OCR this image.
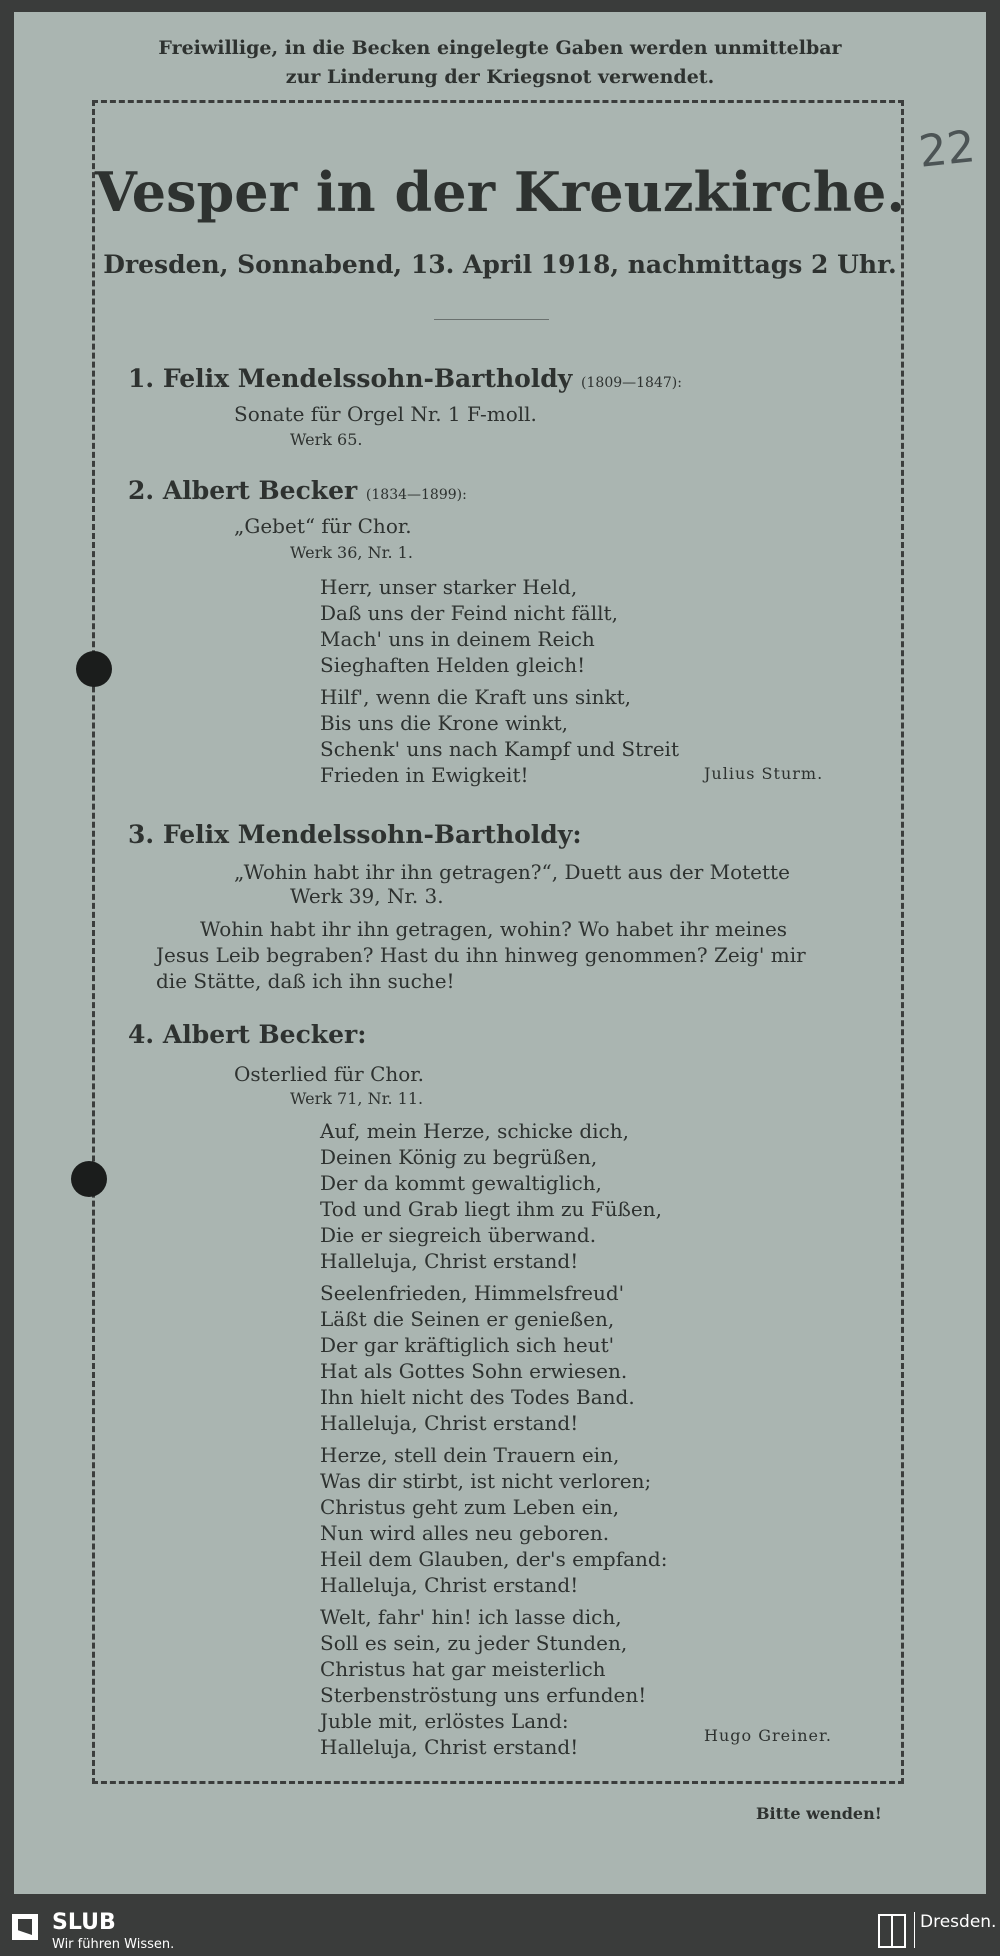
Freiwillige, in die Becken eingelegte Gaben werden unmittelbar
zur Linderung der Kriegsnot verwendet.
22
Vesper in der Kreuzkirche.
Dresden, Sonnabend, 13. April 1918, nachmittags 2 Uhr.
1. Felix Mendelssohn-Bartholdy (1809—1847):
Sonate für Orgel Nr. 1 F-moll.
Werk 65.
2. Albert Becker (1834—1899):
„Gebet“ für Chor.
Werk 36, Nr. 1.
Herr, unser starker Held,
Daß uns der Feind nicht fällt,
Mach' uns in deinem Reich
Sieghaften Helden gleich!
Hilf', wenn die Kraft uns sinkt,
Bis uns die Krone winkt,
Schenk' uns nach Kampf und Streit
Frieden in Ewigkeit!	Julius Sturm.
3. Felix Mendelssohn-Bartholdy:
„Wohin habt ihr ihn getragen?“, Duett aus der Motette
Werk 39, Nr. 3.
Wohin habt ihr ihn getragen, wohin? Wo habet ihr meines
Jesus Leib begraben? Hast du ihn hinweg genommen? Zeig' mir
die Stätte, daß ich ihn suche!
4. Albert Becker:
Osterlied für Chor.
Werk 71, Nr. 11.
Auf, mein Herze, schicke dich,
Deinen König zu begrüßen,
Der da kommt gewaltiglich,
Tod und Grab liegt ihm zu Füßen,
Die er siegreich überwand.
Halleluja, Christ erstand!
Seelenfrieden, Himmelsfreud'
Läßt die Seinen er genießen,
Der gar kräftiglich sich heut'
Hat als Gottes Sohn erwiesen.
Ihn hielt nicht des Todes Band.
Halleluja, Christ erstand!
Herze, stell dein Trauern ein,
Was dir stirbt, ist nicht verloren;
Christus geht zum Leben ein,
Nun wird alles neu geboren.
Heil dem Glauben, der's empfand:
Halleluja, Christ erstand!
Welt, fahr' hin! ich lasse dich,
Soll es sein, zu jeder Stunden,
Christus hat gar meisterlich
Sterbenströstung uns erfunden!
Juble mit, erlöstes Land:
Halleluja, Christ erstand!	Hugo Greiner.
Bitte wenden!
SLUB
Wir führen Wissen.
Dresden.
